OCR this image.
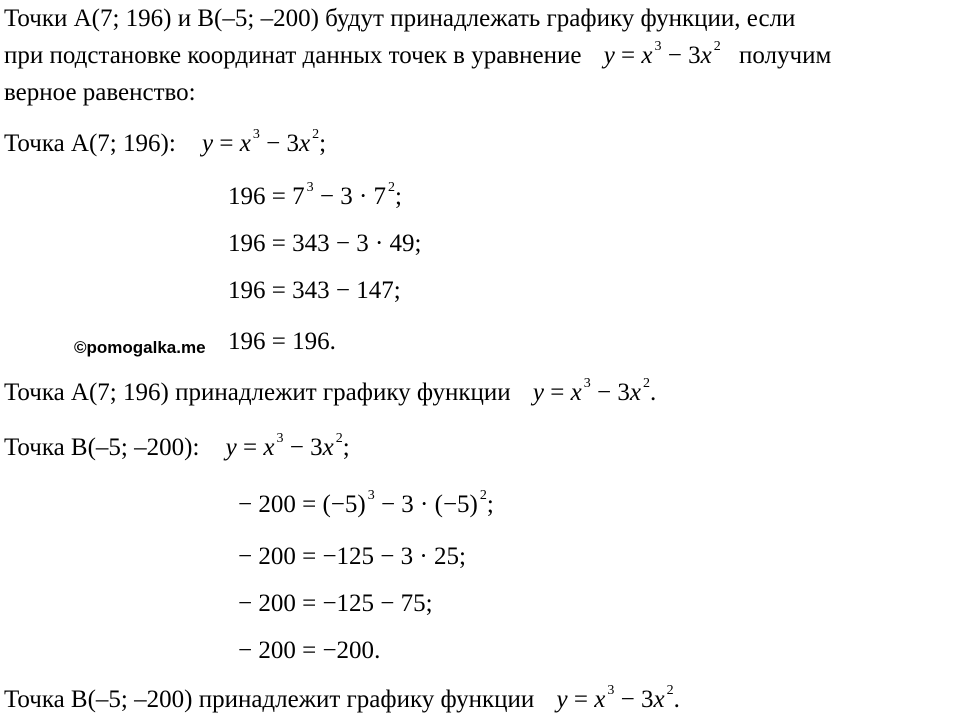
Точки A(7; 196) и B(–5; –200) будут принадлежать графику функции, если
при подстановке координат данных точек в уравнение y = x $^3$ − 3x $^2$ получим
верное равенство:
Точка A(7; 196): y = x $^3$ − 3x $^2$;
196 = 7 $^3$ − 3 · 7 $^2$;
196 = 343 − 3 · 49;
196 = 343 − 147;
©pomogalka.me 196 = 196.
Точка A(7; 196) принадлежит графику функции y = x $^3$ − 3x $^2$.
Точка B(–5; –200): y = x $^3$ − 3x $^2$;
− 200 = (−5) $^3$ − 3 · (−5) $^2$;
− 200 = −125 − 3 · 25;
− 200 = −125 − 75;
− 200 = −200.
Точка B(–5; –200) принадлежит графику функции y = x $^3$ − 3x $^2$.
